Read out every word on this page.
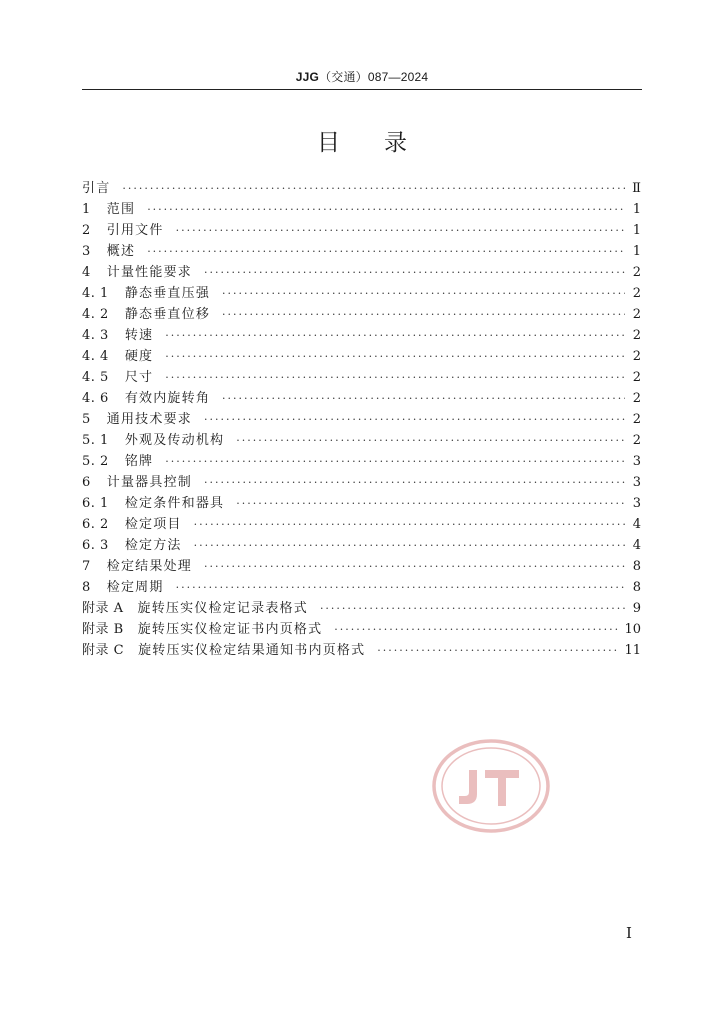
JJG（交通）087—2024
目录
引言 ·····	Ⅱ
1 范围 ·····	1
2 引用文件 ·····	1
3 概述 ·····	1
4 计量性能要求 ·····	2
4. 1 静态垂直压强 ·····	2
4. 2 静态垂直位移 ·····	2
4. 3 转速 ·····	2
4. 4 硬度 ·····	2
4. 5 尺寸 ·····	2
4. 6 有效内旋转角 ·····	2
5 通用技术要求 ·····	2
5. 1 外观及传动机构 ·····	2
5. 2 铭牌 ·····	3
6 计量器具控制 ·····	3
6. 1 检定条件和器具 ·····	3
6. 2 检定项目 ·····	4
6. 3 检定方法 ·····	4
7 检定结果处理 ·····	8
8 检定周期 ·····	8
附录 A 旋转压实仪检定记录表格式 ·····	9
附录 B 旋转压实仪检定证书内页格式 ·····	10
附录 C 旋转压实仪检定结果通知书内页格式 ·····	11
I
